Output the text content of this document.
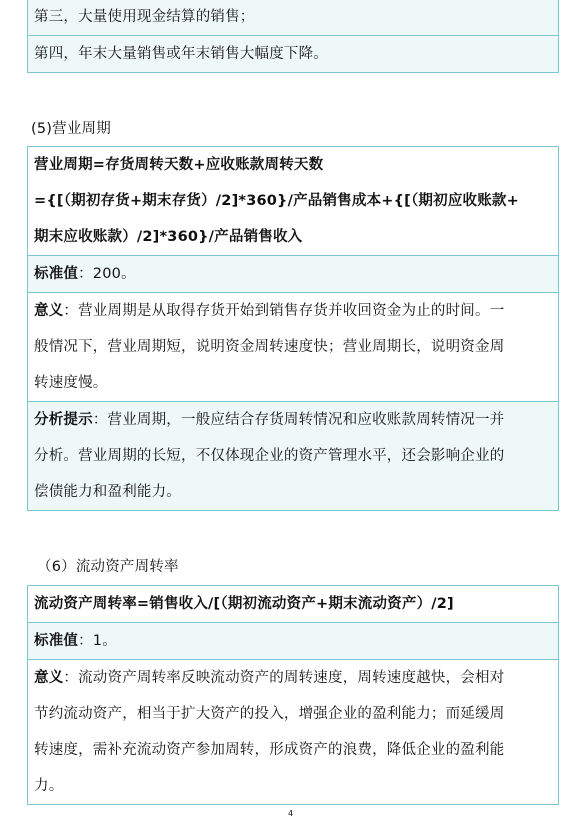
第三，大量使用现金结算的销售；
第四，年末大量销售或年末销售大幅度下降。
(5)营业周期
营业周期=存货周转天数+应收账款周转天数
={[（期初存货+期末存货）/2]*360}/产品销售成本+{[（期初应收账款+
期末应收账款）/2]*360}/产品销售收入
标准值：200。
意义：营业周期是从取得存货开始到销售存货并收回资金为止的时间。一
般情况下，营业周期短，说明资金周转速度快；营业周期长，说明资金周
转速度慢。
分析提示：营业周期，一般应结合存货周转情况和应收账款周转情况一并
分析。营业周期的长短，不仅体现企业的资产管理水平，还会影响企业的
偿债能力和盈利能力。
（6）流动资产周转率
流动资产周转率=销售收入/[（期初流动资产+期末流动资产）/2]
标准值：1。
意义：流动资产周转率反映流动资产的周转速度，周转速度越快，会相对
节约流动资产，相当于扩大资产的投入，增强企业的盈利能力；而延缓周
转速度，需补充流动资产参加周转，形成资产的浪费，降低企业的盈利能
力。
4
